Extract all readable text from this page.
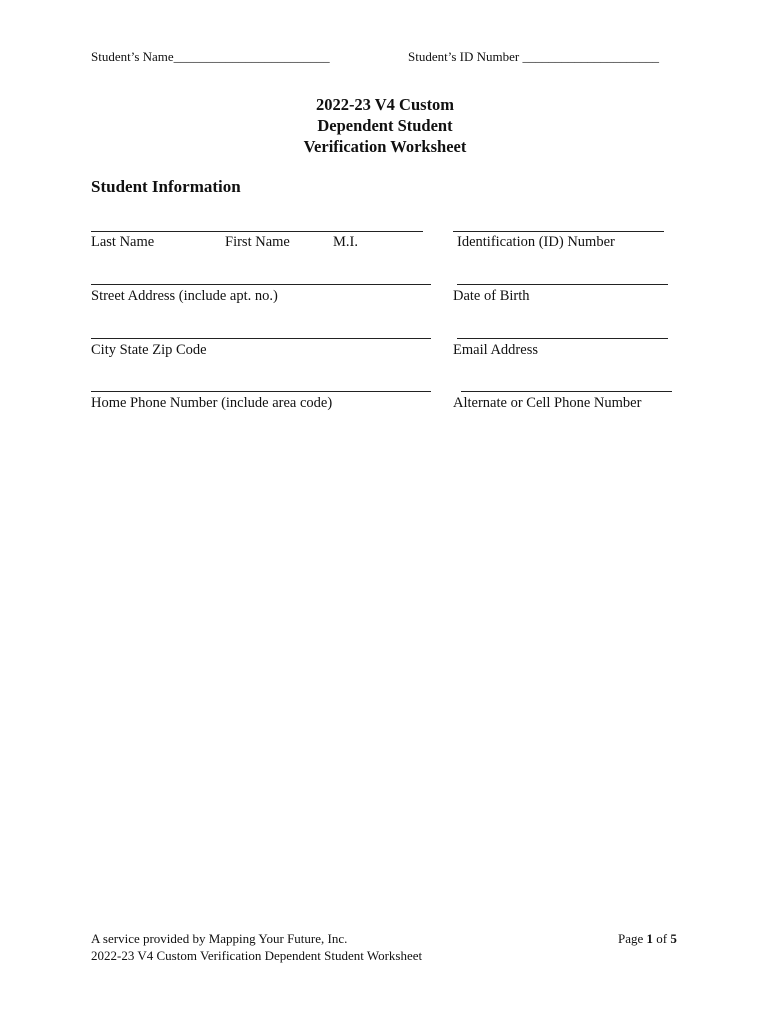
Student’s Name________________________	Student’s ID Number _____________________
2022-23 V4 Custom
Dependent Student
Verification Worksheet
Student Information
Last Name	First Name	M.I.	Identification (ID) Number
Street Address (include apt. no.)	Date of Birth
City State Zip Code	Email Address
Home Phone Number (include area code)	Alternate or Cell Phone Number
A service provided by Mapping Your Future, Inc.
2022-23 V4 Custom Verification Dependent Student Worksheet
Page 1 of 5
